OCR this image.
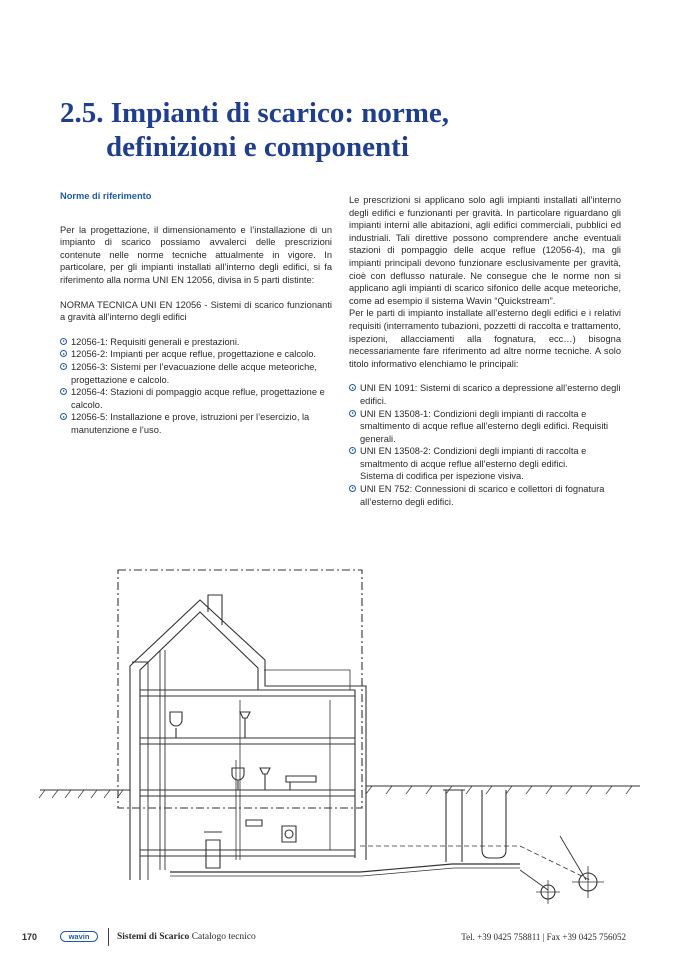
2.5. Impianti di scarico: norme,
definizioni e componenti
Norme di riferimento

Per la progettazione, il dimensionamento e l’installazione di un impianto di scarico possiamo avvalerci delle prescrizioni contenute nelle norme tecniche attualmente in vigore. In particolare, per gli impianti installati all’interno degli edifici, si fa riferimento alla norma UNI EN 12056, divisa in 5 parti distinte:

NORMA TECNICA UNI EN 12056 - Sistemi di scarico funzionanti a gravità all’interno degli edifici

12056-1: Requisiti generali e prestazioni.
12056-2: Impianti per acque reflue, progettazione e calcolo.
12056-3: Sistemi per l’evacuazione delle acque meteoriche, progettazione e calcolo.
12056-4: Stazioni di pompaggio acque reflue, progettazione e calcolo.
12056-5: Installazione e prove, istruzioni per l’esercizio, la manutenzione e l’uso.

Le prescrizioni si applicano solo agli impianti installati all’interno degli edifici e funzionanti per gravità. In particolare riguardano gli impianti interni alle abitazioni, agli edifici commerciali, pubblici ed industriali. Tali direttive possono comprendere anche eventuali stazioni di pompaggio delle acque reflue (12056-4), ma gli impianti principali devono funzionare esclusivamente per gravità, cioè con deflusso naturale. Ne consegue che le norme non si applicano agli impianti di scarico sifonico delle acque meteoriche, come ad esempio il sistema Wavin “Quickstream”.

Per le parti di impianto installate all’esterno degli edifici e i relativi requisiti (interramento tubazioni, pozzetti di raccolta e trattamento, ispezioni, allacciamenti alla fognatura, ecc…) bisogna necessariamente fare riferimento ad altre norme tecniche. A solo titolo informativo elenchiamo le principali:

UNI EN 1091: Sistemi di scarico a depressione all’esterno degli edifici.
UNI EN 13508-1: Condizioni degli impianti di raccolta e smaltimento di acque reflue all’esterno degli edifici. Requisiti generali.
UNI EN 13508-2: Condizioni degli impianti di raccolta e smaltmento di acque reflue all’esterno degli edifici.
Sistema di codifica per ispezione visiva.
UNI EN 752: Connessioni di scarico e collettori di fognatura all’esterno degli edifici.
170	wavin	Sistemi di Scarico Catalogo tecnico	Tel. +39 0425 758811 | Fax +39 0425 756052
